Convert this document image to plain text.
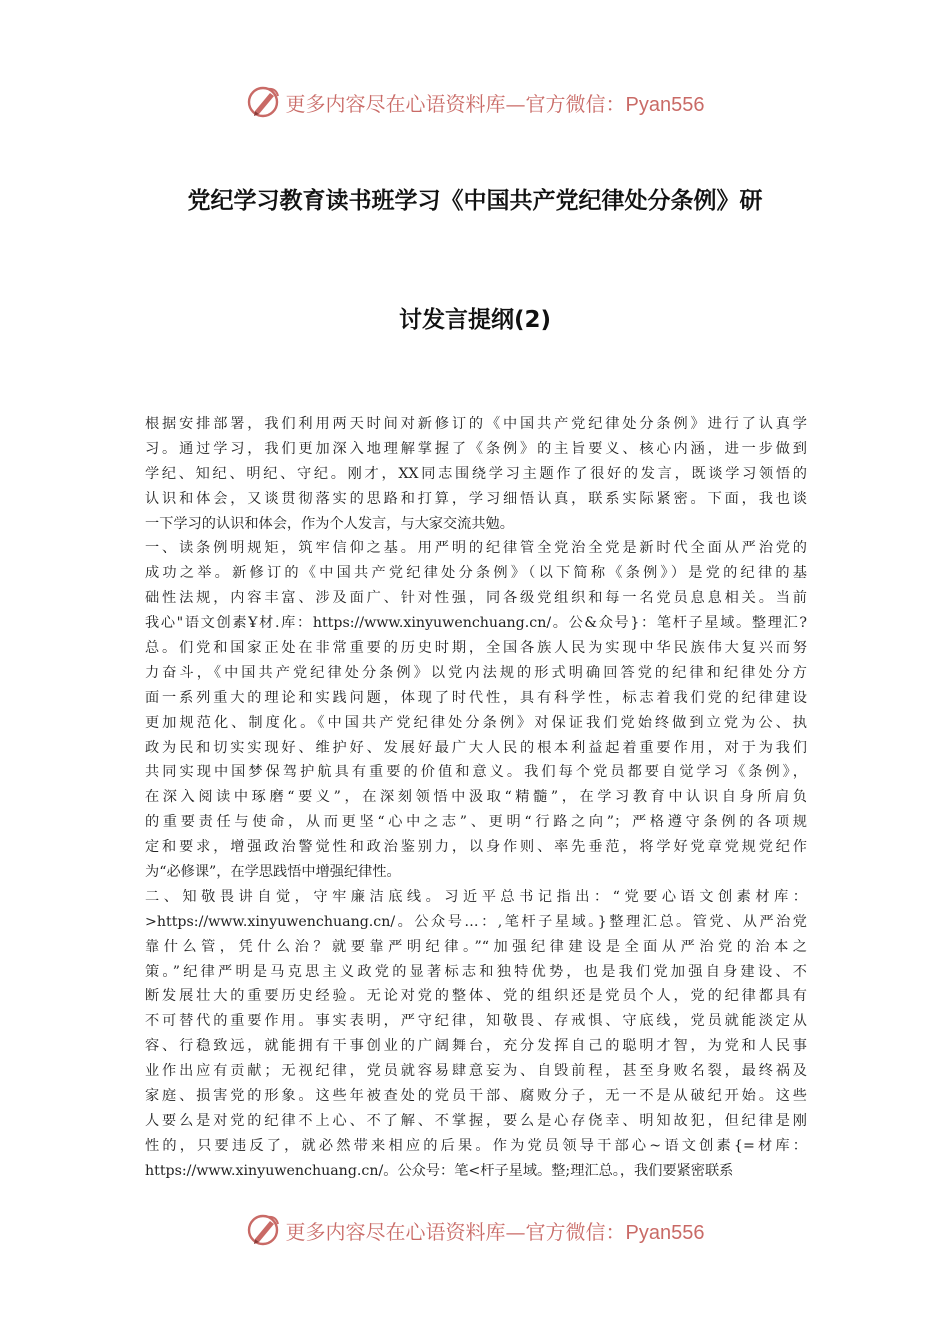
更多内容尽在心语资料库—官方微信：Pyan556
党纪学习教育读书班学习《中国共产党纪律处分条例》研
讨发言提纲(2)
根据安排部署，我们利用两天时间对新修订的《中国共产党纪律处分条例》进行了认真学
习。通过学习，我们更加深入地理解掌握了《条例》的主旨要义、核心内涵，进一步做到
学纪、知纪、明纪、守纪。刚才，XX同志围绕学习主题作了很好的发言，既谈学习领悟的
认识和体会，又谈贯彻落实的思路和打算，学习细悟认真，联系实际紧密。下面，我也谈
一下学习的认识和体会，作为个人发言，与大家交流共勉。
一、读条例明规矩，筑牢信仰之基。用严明的纪律管全党治全党是新时代全面从严治党的
成功之举。新修订的《中国共产党纪律处分条例》（以下简称《条例》）是党的纪律的基
础性法规，内容丰富、涉及面广、针对性强，同各级党组织和每一名党员息息相关。当前
我心"语文创素Ұ材.库：https://www.xinyuwenchuang.cn/。公&众号}：笔杆子星域。整理汇?
总。们党和国家正处在非常重要的历史时期，全国各族人民为实现中华民族伟大复兴而努
力奋斗，《中国共产党纪律处分条例》以党内法规的形式明确回答党的纪律和纪律处分方
面一系列重大的理论和实践问题，体现了时代性，具有科学性，标志着我们党的纪律建设
更加规范化、制度化。《中国共产党纪律处分条例》对保证我们党始终做到立党为公、执
政为民和切实实现好、维护好、发展好最广大人民的根本利益起着重要作用，对于为我们
共同实现中国梦保驾护航具有重要的价值和意义。我们每个党员都要自觉学习《条例》，
在深入阅读中琢磨“要义”，在深刻领悟中汲取“精髓”，在学习教育中认识自身所肩负
的重要责任与使命，从而更坚“心中之志”、更明“行路之向”；严格遵守条例的各项规
定和要求，增强政治警觉性和政治鉴别力，以身作则、率先垂范，将学好党章党规党纪作
为“必修课”，在学思践悟中增强纪律性。
二、知敬畏讲自觉，守牢廉洁底线。习近平总书记指出：“党要心语文创素材库：
>https://www.xinyuwenchuang.cn/。公众号…：,笔杆子星域。}整理汇总。管党、从严治党
靠什么管，凭什么治？就要靠严明纪律。”“加强纪律建设是全面从严治党的治本之
策。”纪律严明是马克思主义政党的显著标志和独特优势，也是我们党加强自身建设、不
断发展壮大的重要历史经验。无论对党的整体、党的组织还是党员个人，党的纪律都具有
不可替代的重要作用。事实表明，严守纪律，知敬畏、存戒惧、守底线，党员就能淡定从
容、行稳致远，就能拥有干事创业的广阔舞台，充分发挥自己的聪明才智，为党和人民事
业作出应有贡献；无视纪律，党员就容易肆意妄为、自毁前程，甚至身败名裂，最终祸及
家庭、损害党的形象。这些年被查处的党员干部、腐败分子，无一不是从破纪开始。这些
人要么是对党的纪律不上心、不了解、不掌握，要么是心存侥幸、明知故犯，但纪律是刚
性的，只要违反了，就必然带来相应的后果。作为党员领导干部心~语文创素{=材库：
https://www.xinyuwenchuang.cn/。公众号：笔<杆子星域。整;理汇总。，我们要紧密联系
更多内容尽在心语资料库—官方微信：Pyan556
